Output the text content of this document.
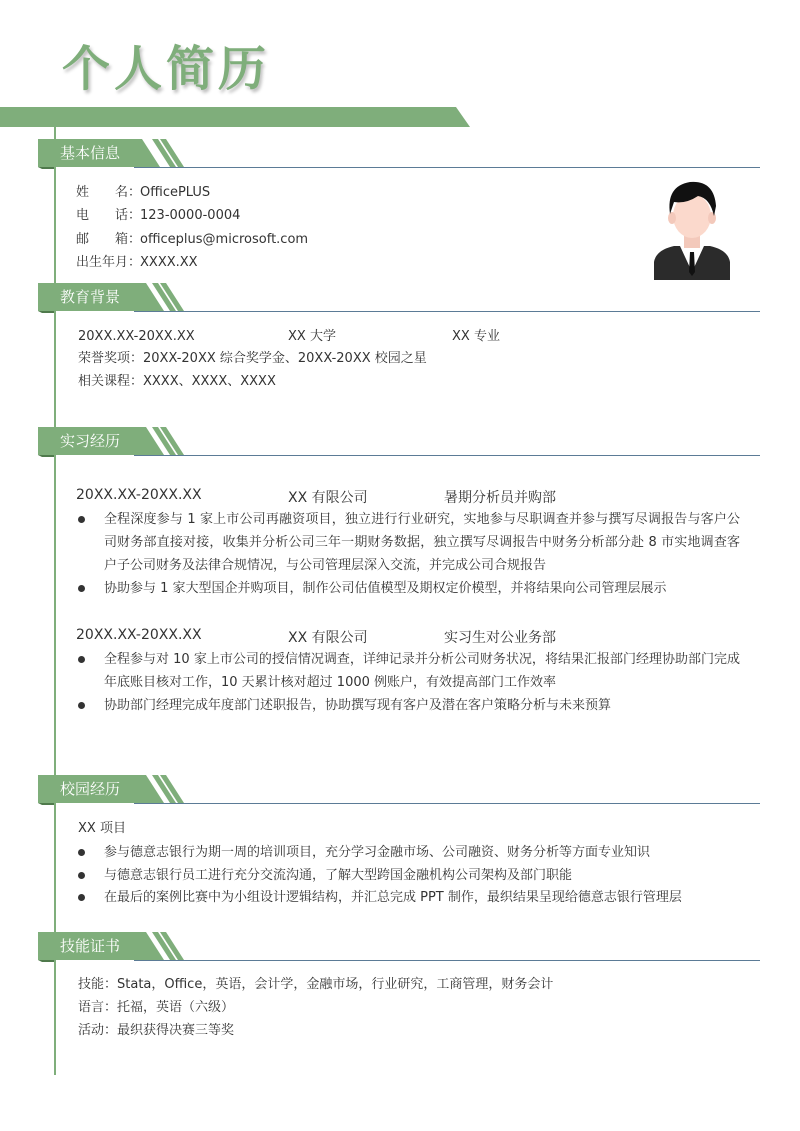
个人简历
基本信息
姓　　名：OfficePLUS
电　　话：123-0000-0004
邮　　箱：officeplus@microsoft.com
出生年月：XXXX.XX
教育背景
20XX.XX-20XX.XX	XX 大学	XX 专业
荣誉奖项：20XX-20XX 综合奖学金、20XX-20XX 校园之星
相关课程：XXXX、XXXX、XXXX
实习经历
20XX.XX-20XX.XX	XX 有限公司	暑期分析员并购部
全程深度参与 1 家上市公司再融资项目，独立进行行业研究，实地参与尽职调查并参与撰写尽调报告与客户公司财务部直接对接，收集并分析公司三年一期财务数据，独立撰写尽调报告中财务分析部分赴 8 市实地调查客户子公司财务及法律合规情况，与公司管理层深入交流，并完成公司合规报告
协助参与 1 家大型国企并购项目，制作公司估值模型及期权定价模型，并将结果向公司管理层展示
20XX.XX-20XX.XX	XX 有限公司	实习生对公业务部
全程参与对 10 家上市公司的授信情况调查，详绅记录并分析公司财务状况，将结果汇报部门经理协助部门完成年底账目核对工作，10 天累计核对超过 1000 例账户，有效提高部门工作效率
协助部门经理完成年度部门述职报告，协助撰写现有客户及潜在客户策略分析与未来预算
校园经历
XX 项目
参与德意志银行为期一周的培训项目，充分学习金融市场、公司融资、财务分析等方面专业知识
与德意志银行员工进行充分交流沟通，了解大型跨国金融机构公司架构及部门职能
在最后的案例比赛中为小组设计逻辑结构，并汇总完成 PPT 制作，最织结果呈现给德意志银行管理层
技能证书
技能：Stata，Office，英语，会计学，金融市场，行业研究，工商管理，财务会计
语言：托福，英语（六级）
活动：最织获得决赛三等奖
